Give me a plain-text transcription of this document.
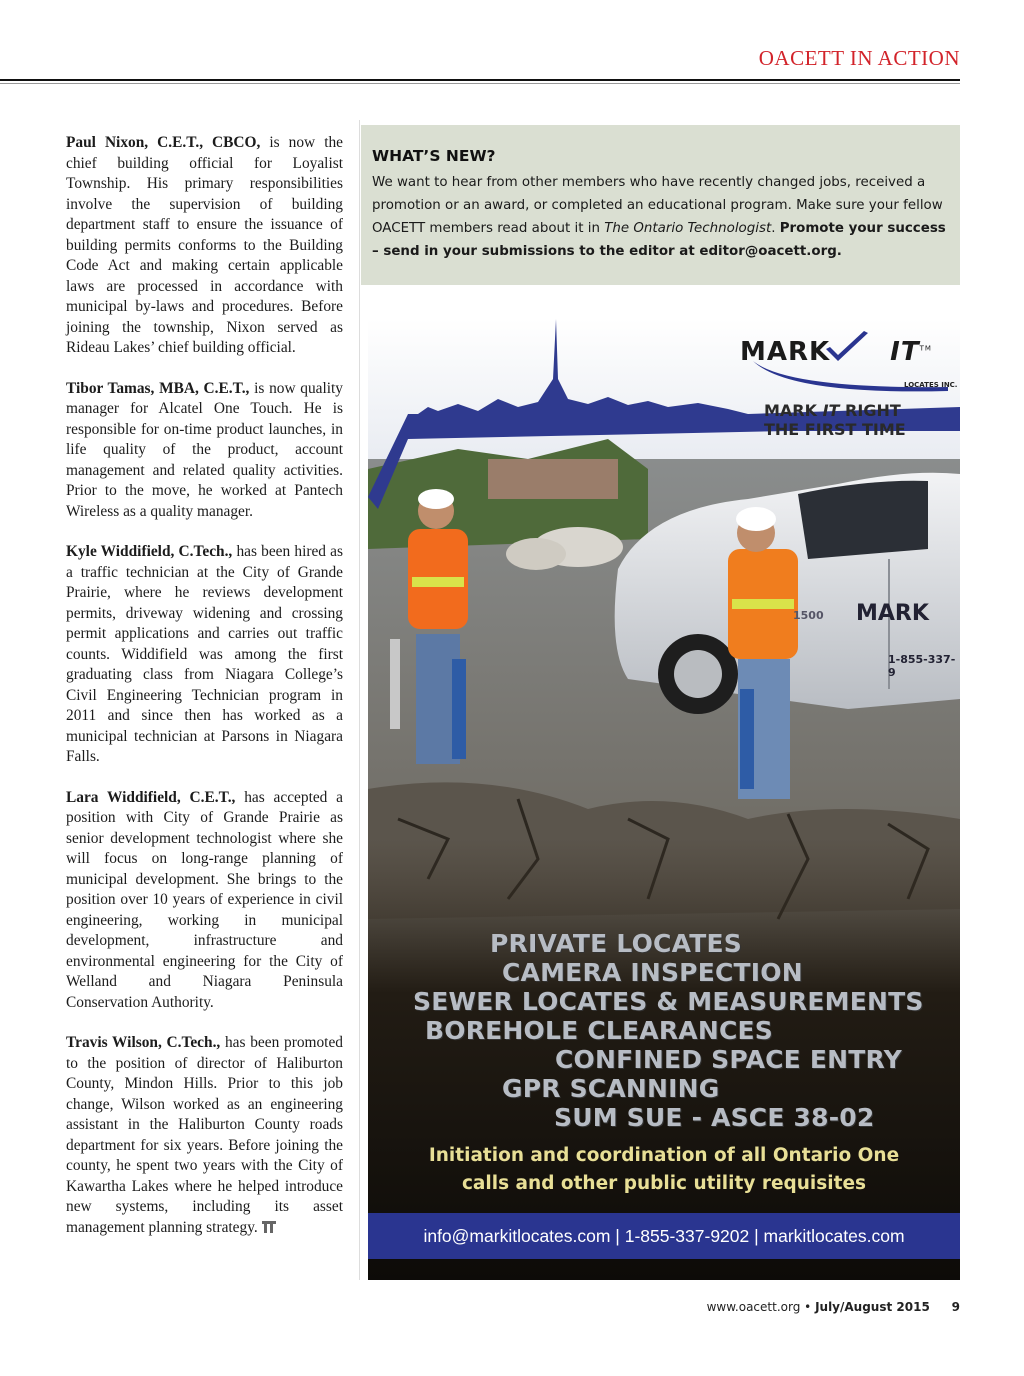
OACETT IN ACTION

Paul Nixon, C.E.T., CBCO, is now the chief building official for Loyalist Township. His primary responsibilities involve the supervision of building department staff to ensure the issuance of building permits conforms to the Building Code Act and making certain applicable laws are processed in accordance with municipal by-laws and procedures. Before joining the township, Nixon served as Rideau Lakes’ chief building official.

Tibor Tamas, MBA, C.E.T., is now quality manager for Alcatel One Touch. He is responsible for on-time product launches, in life quality of the product, account management and related quality activities. Prior to the move, he worked at Pantech Wireless as a quality manager.

Kyle Widdifield, C.Tech., has been hired as a traffic technician at the City of Grande Prairie, where he reviews development permits, driveway widening and crossing permit applications and carries out traffic counts. Widdifield was among the first graduating class from Niagara College’s Civil Engineering Technician program in 2011 and since then has worked as a municipal technician at Parsons in Niagara Falls.

Lara Widdifield, C.E.T., has accepted a position with City of Grande Prairie as senior development technologist where she will focus on long-range planning of municipal development. She brings to the position over 10 years of experience in civil engineering, working in municipal development, infrastructure and environmental engineering for the City of Welland and Niagara Peninsula Conservation Authority.

Travis Wilson, C.Tech., has been promoted to the position of director of Haliburton County, Mindon Hills. Prior to this job change, Wilson worked as an engineering assistant in the Haliburton County roads department for six years. Before joining the county, he spent two years with the City of Kawartha Lakes where he helped introduce new systems, including its asset management planning strategy.

WHAT’S NEW?
We want to hear from other members who have recently changed jobs, received a promotion or an award, or completed an educational program. Make sure your fellow OACETT members read about it in The Ontario Technologist. Promote your success – send in your submissions to the editor at editor@oacett.org.
MARK IT™
LOCATES INC.
MARK IT RIGHT
THE FIRST TIME
MARK
1500
1-855-337-9
PRIVATE LOCATES
CAMERA INSPECTION
SEWER LOCATES & MEASUREMENTS
BOREHOLE CLEARANCES
CONFINED SPACE ENTRY
GPR SCANNING
SUM SUE - ASCE 38-02
Initiation and coordination of all Ontario One
calls and other public utility requisites
info@markitlocates.com | 1-855-337-9202 | markitlocates.com
www.oacett.org • July/August 2015 9
